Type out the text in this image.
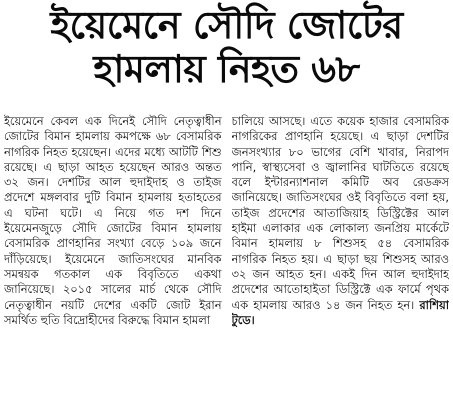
ইয়েমেনে সৌদি জোটের
হামলায় নিহত ৬৮

ইয়েমেনে কেবল এক দিনেই সৌদি নেতৃত্বাধীন জোটের বিমান হামলায় কমপক্ষে ৬৮ বেসামরিক নাগরিক নিহত হয়েছেন। এদের মধ্যে আটটি শিশু রয়েছে। এ ছাড়া আহত হয়েছেন আরও অন্তত ৩২ জন। দেশটির আল হুদাইদাহ ও তাইজ প্রদেশে মঙ্গলবার দুটি বিমান হামলায় হতাহতের এ ঘটনা ঘটে। এ নিয়ে গত দশ দিনে ইয়েমেনজুড়ে সৌদি জোটের বিমান হামলায় বেসামরিক প্রাণহানির সংখ্যা বেড়ে ১০৯ জনে দাঁড়িয়েছে। ইয়েমেনে জাতিসংঘের মানবিক সমন্বয়ক গতকাল এক বিবৃতিতে একথা জানিয়েছে। ২০১৫ সালের মার্চ থেকে সৌদি নেতৃত্বাধীন নয়টি দেশের একটি জোট ইরান সমর্থিত হুতি বিদ্রোহীদের বিরুদ্ধে বিমান হামলা

চালিয়ে আসছে। এতে কয়েক হাজার বেসামরিক নাগরিকের প্রাণহানি হয়েছে। এ ছাড়া দেশটির জনসংখ্যার ৮০ ভাগের বেশি খাবার, নিরাপদ পানি, স্বাস্থ্যসেবা ও জ্বালানির ঘাটতিতে রয়েছে বলে ইন্টারন্যাশনাল কমিটি অব রেডক্রস জানিয়েছে। জাতিসংঘের ওই বিবৃতিতে বলা হয়, তাইজ প্রদেশের আতাজিয়াহ ডিস্ট্রিক্টের আল হাইমা এলাকার এক লোকাল্য জনপ্রিয় মার্কেটে বিমান হামলায় ৮ শিশুসহ ৫৪ বেসামরিক নাগরিক নিহত হয়। এ ছাড়া ছয় শিশুসহ আরও ৩২ জন আহত হন। একই দিন আল হুদাইদাহ প্রদেশের আতোহাইতা ডিস্ট্রিক্টে এক ফার্মে পৃথক এক হামলায় আরও ১৪ জন নিহত হন। রাশিয়া টুডে।
